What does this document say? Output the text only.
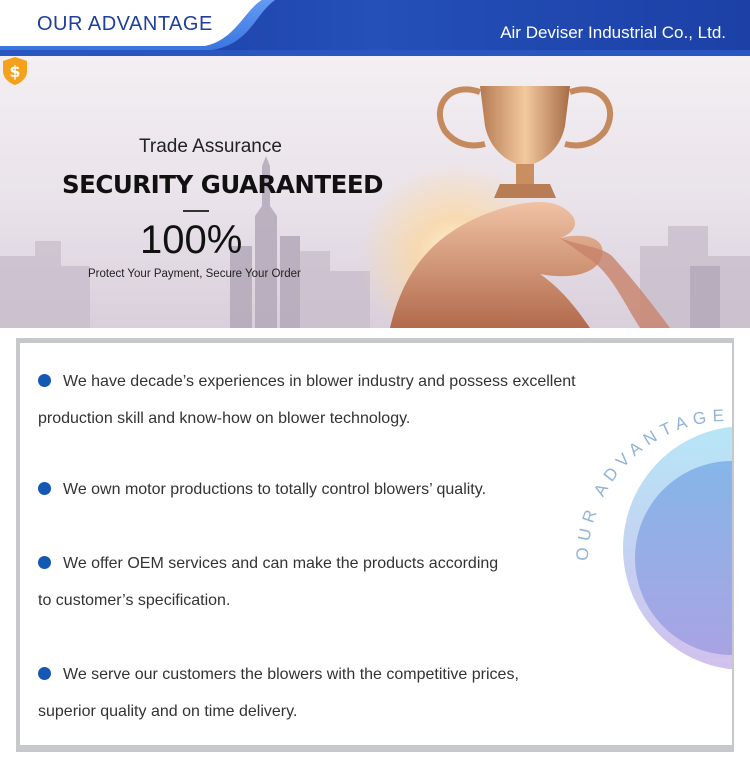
OUR ADVANTAGE	Air Deviser Industrial Co., Ltd.
$
Trade Assurance
SECURITY GUARANTEED
100%
Protect Your Payment, Secure Your Order
OUR ADVANTAGE
We have decade’s experiences in blower industry and possess excellent
production skill and know-how on blower technology.
We own motor productions to totally control blowers’ quality.
We offer OEM services and can make the products according
to customer’s specification.
We serve our customers the blowers with the competitive prices,
superior quality and on time delivery.
